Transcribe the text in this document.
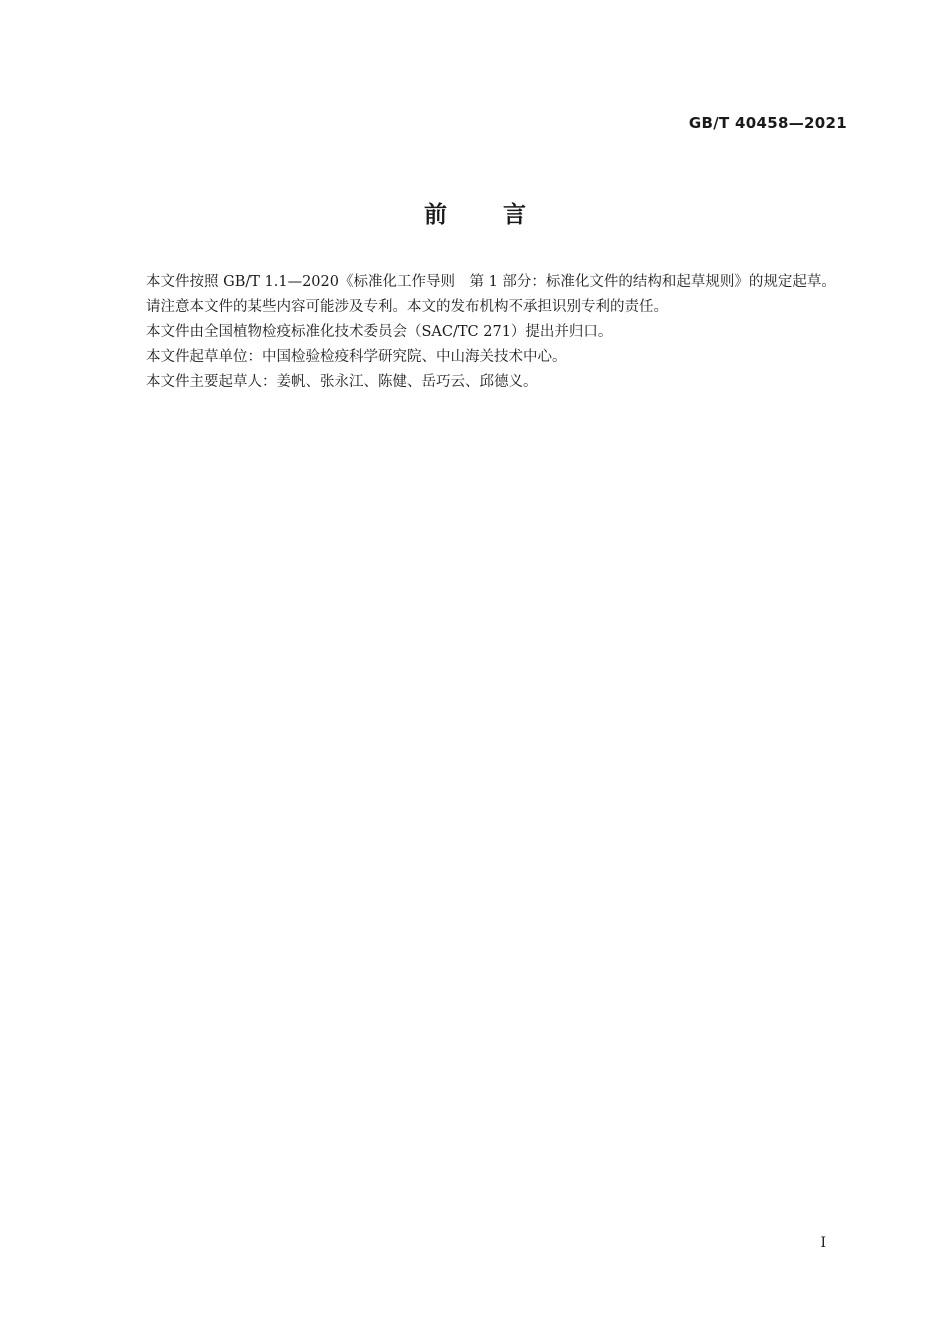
GB/T 40458—2021
前言

本文件按照 GB/T 1.1—2020《标准化工作导则　第 1 部分：标准化文件的结构和起草规则》的规定起草。

请注意本文件的某些内容可能涉及专利。本文的发布机构不承担识别专利的责任。

本文件由全国植物检疫标准化技术委员会（SAC/TC 271）提出并归口。

本文件起草单位：中国检验检疫科学研究院、中山海关技术中心。

本文件主要起草人：姜帆、张永江、陈健、岳巧云、邱德义。

I
